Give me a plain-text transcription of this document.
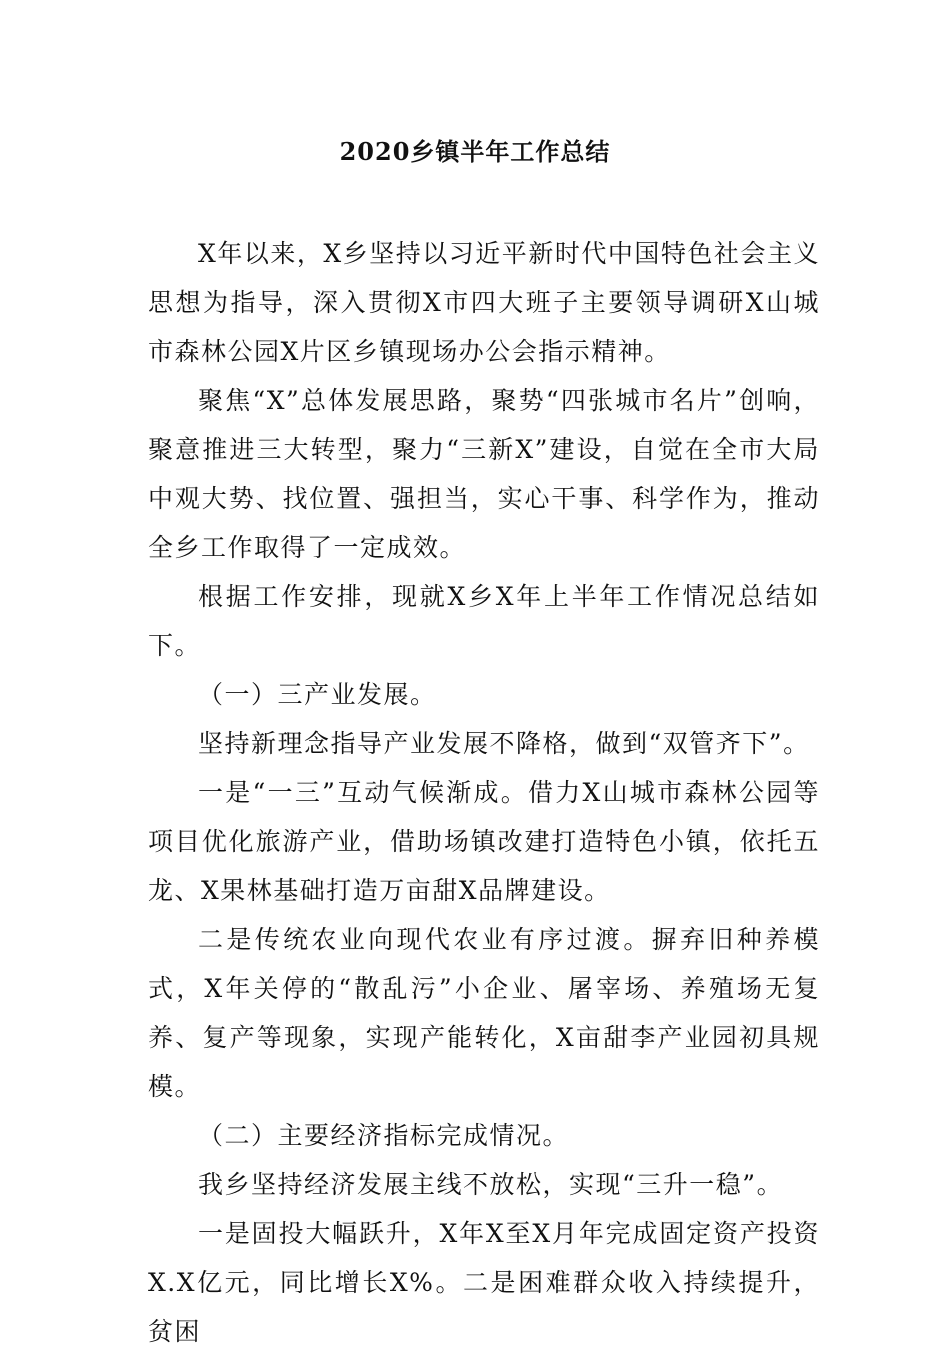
2020乡镇半年工作总结

X年以来，X乡坚持以习近平新时代中国特色社会主义思想为指导，深入贯彻X市四大班子主要领导调研X山城市森林公园X片区乡镇现场办公会指示精神。

聚焦“X”总体发展思路，聚势“四张城市名片”创响，聚意推进三大转型，聚力“三新X”建设，自觉在全市大局中观大势、找位置、强担当，实心干事、科学作为，推动全乡工作取得了一定成效。

根据工作安排，现就X乡X年上半年工作情况总结如下。

（一）三产业发展。

坚持新理念指导产业发展不降格，做到“双管齐下”。

一是“一三”互动气候渐成。借力X山城市森林公园等项目优化旅游产业，借助场镇改建打造特色小镇，依托五龙、X果林基础打造万亩甜X品牌建设。

二是传统农业向现代农业有序过渡。摒弃旧种养模式，X年关停的“散乱污”小企业、屠宰场、养殖场无复养、复产等现象，实现产能转化，X亩甜李产业园初具规模。

（二）主要经济指标完成情况。

我乡坚持经济发展主线不放松，实现“三升一稳”。

一是固投大幅跃升，X年X至X月年完成固定资产投资X.X亿元，同比增长X%。二是困难群众收入持续提升，贫困
